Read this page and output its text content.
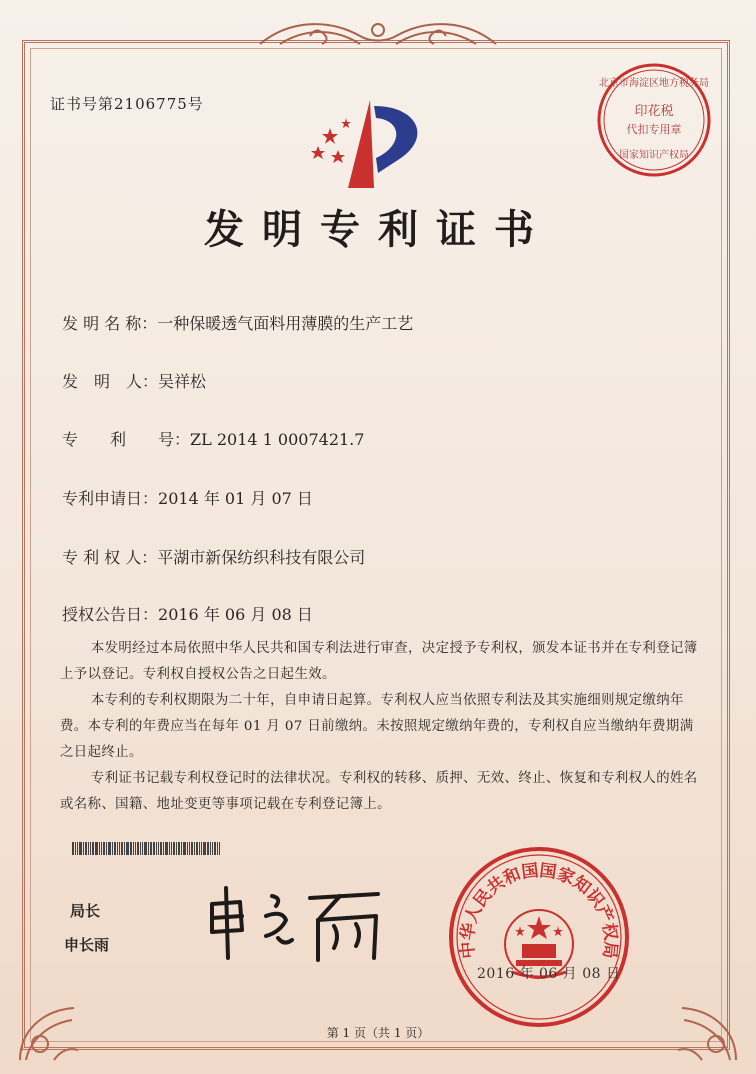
证书号第2106775号
北京市海淀区地方税务局
印花税
代扣专用章
国家知识产权局
发明专利证书
发 明 名 称：一种保暖透气面料用薄膜的生产工艺
发　明　人：吴祥松
专　　利　　号：ZL 2014 1 0007421.7
专利申请日：2014 年 01 月 07 日
专 利 权 人：平湖市新保纺织科技有限公司
授权公告日：2016 年 06 月 08 日

本发明经过本局依照中华人民共和国专利法进行审查，决定授予专利权，颁发本证书并在专利登记簿上予以登记。专利权自授权公告之日起生效。

本专利的专利权期限为二十年，自申请日起算。专利权人应当依照专利法及其实施细则规定缴纳年费。本专利的年费应当在每年 01 月 07 日前缴纳。未按照规定缴纳年费的，专利权自应当缴纳年费期满之日起终止。

专利证书记载专利权登记时的法律状况。专利权的转移、质押、无效、终止、恢复和专利权人的姓名或名称、国籍、地址变更等事项记载在专利登记簿上。

局长
申长雨	中华人民共和国国家知识产权局
2016 年 06 月 08 日
第 1 页（共 1 页）
